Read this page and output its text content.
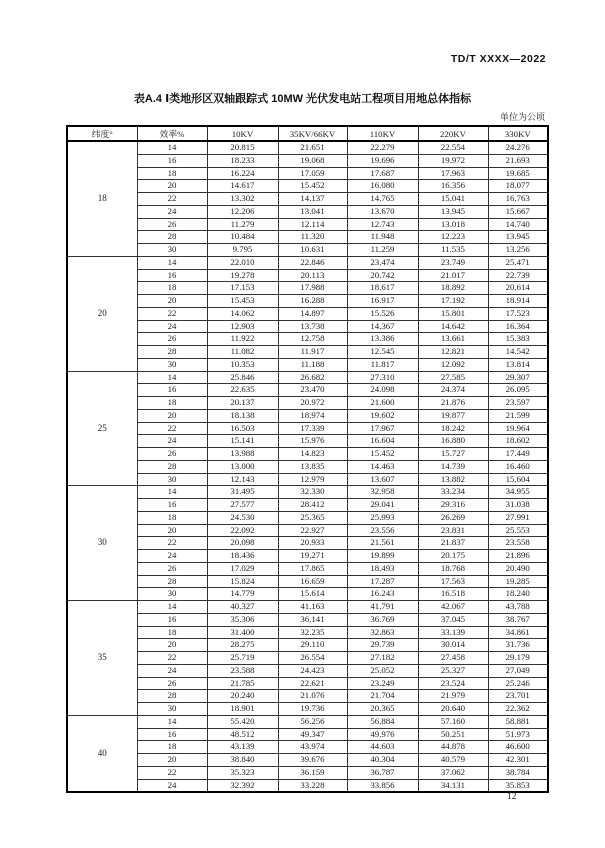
TD/T XXXX—2022
表A.4 Ⅰ类地形区双轴跟踪式 10MW 光伏发电站工程项目用地总体指标
单位为公顷
纬度°	效率%	10KV	35KV/66KV	110KV	220KV	330KV
18	14	20.815	21.651	22.279	22.554	24.276
	16	18.233	19.068	19.696	19.972	21.693
	18	16.224	17.059	17.687	17.963	19.685
	20	14.617	15.452	16.080	16.356	18.077
	22	13.302	14.137	14.765	15.041	16.763
	24	12.206	13.041	13.670	13.945	15.667
	26	11.279	12.114	12.743	13.018	14.740
	28	10.484	11.320	11.948	12.223	13.945
	30	9.795	10.631	11.259	11.535	13.256
20	14	22.010	22.846	23.474	23.749	25.471
	16	19.278	20.113	20.742	21.017	22.739
	18	17.153	17.988	18.617	18.892	20.614
	20	15.453	16.288	16.917	17.192	18.914
	22	14.062	14.897	15.526	15.801	17.523
	24	12.903	13.738	14.367	14.642	16.364
	26	11.922	12.758	13.386	13.661	15.383
	28	11.082	11.917	12.545	12.821	14.542
	30	10.353	11.188	11.817	12.092	13.814
25	14	25.846	26.682	27.310	27.585	29.307
	16	22.635	23.470	24.098	24.374	26.095
	18	20.137	20.972	21.600	21.876	23.597
	20	18.138	18.974	19.602	19.877	21.599
	22	16.503	17.339	17.967	18.242	19.964
	24	15.141	15.976	16.604	16.880	18.602
	26	13.988	14.823	15.452	15.727	17.449
	28	13.000	13.835	14.463	14.739	16.460
	30	12.143	12.979	13.607	13.882	15.604
30	14	31.495	32.330	32.958	33.234	34.955
	16	27.577	28.412	29.041	29.316	31.038
	18	24.530	25.365	25.993	26.269	27.991
	20	22.092	22.927	23.556	23.831	25.553
	22	20.098	20.933	21.561	21.837	23.558
	24	18.436	19.271	19.899	20.175	21.896
	26	17.029	17.865	18.493	18.768	20.490
	28	15.824	16.659	17.287	17.563	19.285
	30	14.779	15.614	16.243	16.518	18.240
35	14	40.327	41.163	41.791	42.067	43.788
	16	35.306	36.141	36.769	37.045	38.767
	18	31.400	32.235	32.863	33.139	34.861
	20	28.275	29.110	29.739	30.014	31.736
	22	25.719	26.554	27.182	27.458	29.179
	24	23.588	24.423	25.052	25.327	27.049
	26	21.785	22.621	23.249	23.524	25.246
	28	20.240	21.076	21.704	21.979	23.701
	30	18.901	19.736	20.365	20.640	22.362
40	14	55.420	56.256	56.884	57.160	58.881
	16	48.512	49.347	49.976	50.251	51.973
	18	43.139	43.974	44.603	44.878	46.600
	20	38.840	39.676	40.304	40.579	42.301
	22	35.323	36.159	36.787	37.062	38.784
	24	32.392	33.228	33.856	34.131	35.853
12
